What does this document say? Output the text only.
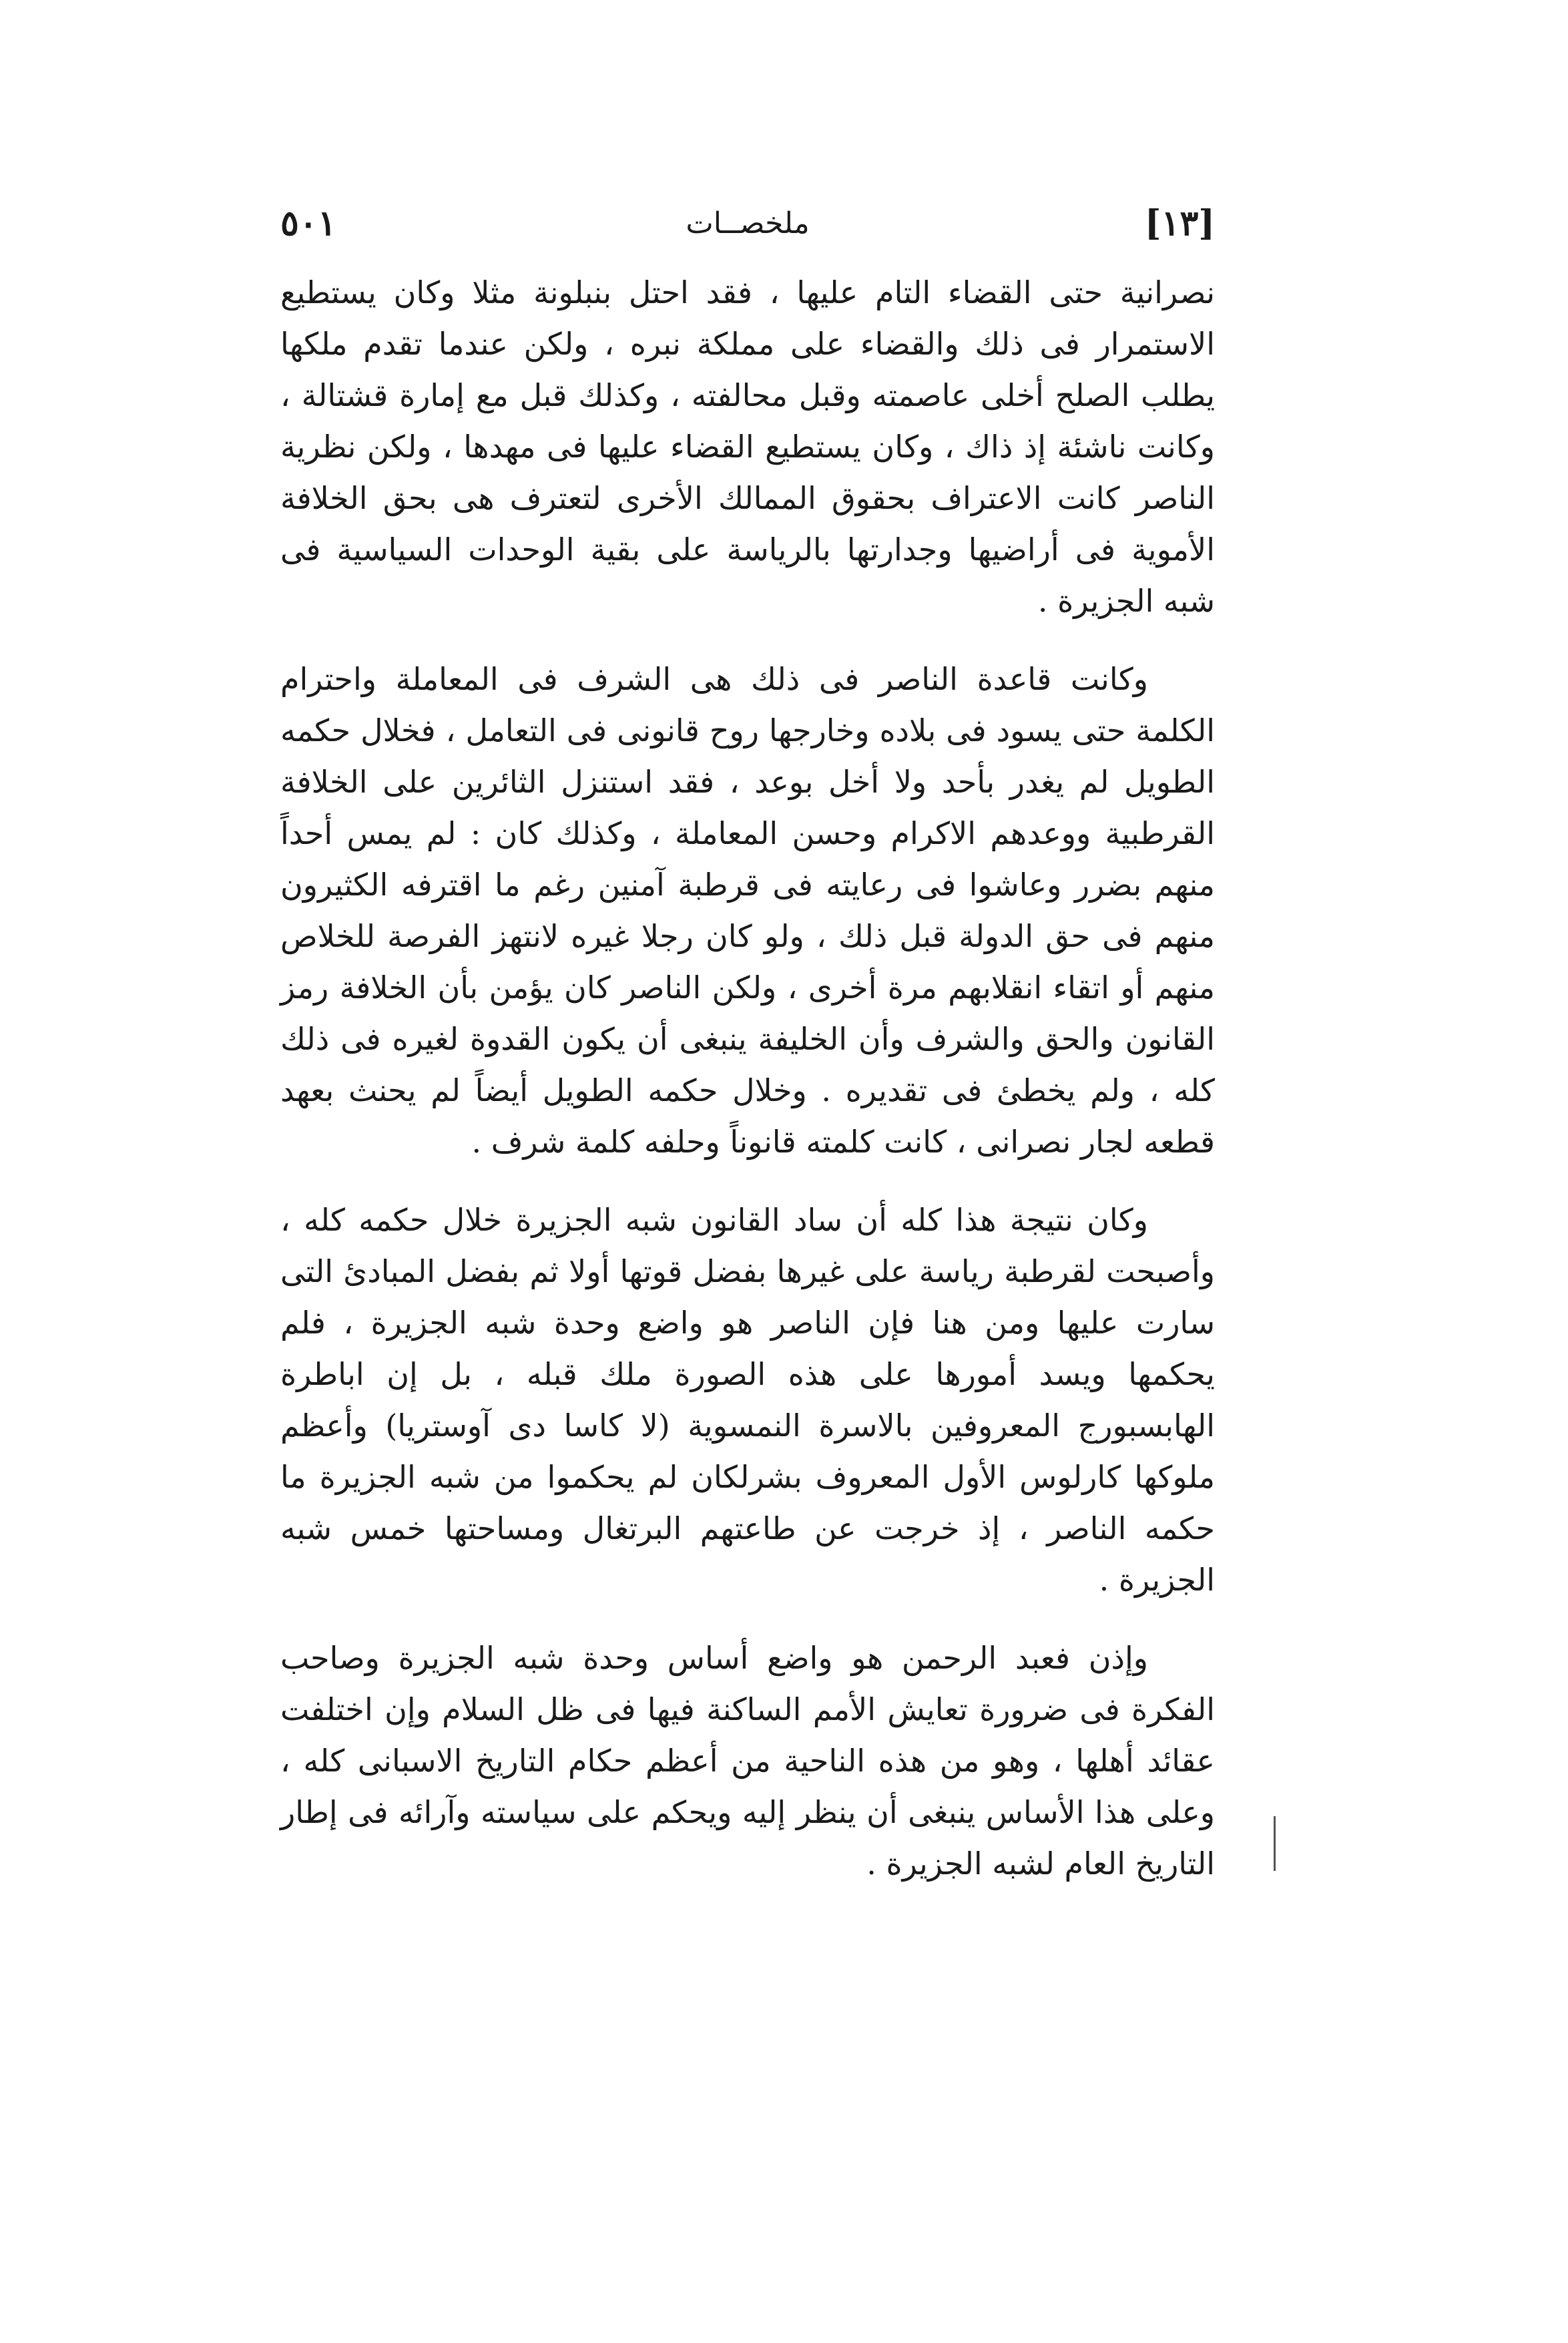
[١٣]
ملخصــات
٥٠١

نصرانية حتى القضاء التام عليها ، فقد احتل بنبلونة مثلا وكان يستطيع الاستمرار فى ذلك والقضاء على مملكة نبره ، ولكن عندما تقدم ملكها يطلب الصلح أخلى عاصمته وقبل محالفته ، وكذلك قبل مع إمارة قشتالة ، وكانت ناشئة إذ ذاك ، وكان يستطيع القضاء عليها فى مهدها ، ولكن نظرية الناصر كانت الاعتراف بحقوق الممالك الأخرى لتعترف هى بحق الخلافة الأموية فى أراضيها وجدارتها بالرياسة على بقية الوحدات السياسية فى شبه الجزيرة .

وكانت قاعدة الناصر فى ذلك هى الشرف فى المعاملة واحترام الكلمة حتى يسود فى بلاده وخارجها روح قانونى فى التعامل ، فخلال حكمه الطويل لم يغدر بأحد ولا أخل بوعد ، فقد استنزل الثائرين على الخلافة القرطبية ووعدهم الاكرام وحسن المعاملة ، وكذلك كان : لم يمس أحداً منهم بضرر وعاشوا فى رعايته فى قرطبة آمنين رغم ما اقترفه الكثيرون منهم فى حق الدولة قبل ذلك ، ولو كان رجلا غيره لانتهز الفرصة للخلاص منهم أو اتقاء انقلابهم مرة أخرى ، ولكن الناصر كان يؤمن بأن الخلافة رمز القانون والحق والشرف وأن الخليفة ينبغى أن يكون القدوة لغيره فى ذلك كله ، ولم يخطئ فى تقديره . وخلال حكمه الطويل أيضاً لم يحنث بعهد قطعه لجار نصرانى ، كانت كلمته قانوناً وحلفه كلمة شرف .

وكان نتيجة هذا كله أن ساد القانون شبه الجزيرة خلال حكمه كله ، وأصبحت لقرطبة رياسة على غيرها بفضل قوتها أولا ثم بفضل المبادئ التى سارت عليها ومن هنا فإن الناصر هو واضع وحدة شبه الجزيرة ، فلم يحكمها ويسد أمورها على هذه الصورة ملك قبله ، بل إن اباطرة الهابسبورج المعروفين بالاسرة النمسوية (لا كاسا دى آوستريا) وأعظم ملوكها كارلوس الأول المعروف بشرلكان لم يحكموا من شبه الجزيرة ما حكمه الناصر ، إذ خرجت عن طاعتهم البرتغال ومساحتها خمس شبه الجزيرة .

وإذن فعبد الرحمن هو واضع أساس وحدة شبه الجزيرة وصاحب الفكرة فى ضرورة تعايش الأمم الساكنة فيها فى ظل السلام وإن اختلفت عقائد أهلها ، وهو من هذه الناحية من أعظم حكام التاريخ الاسبانى كله ، وعلى هذا الأساس ينبغى أن ينظر إليه ويحكم على سياسته وآرائه فى إطار التاريخ العام لشبه الجزيرة .
